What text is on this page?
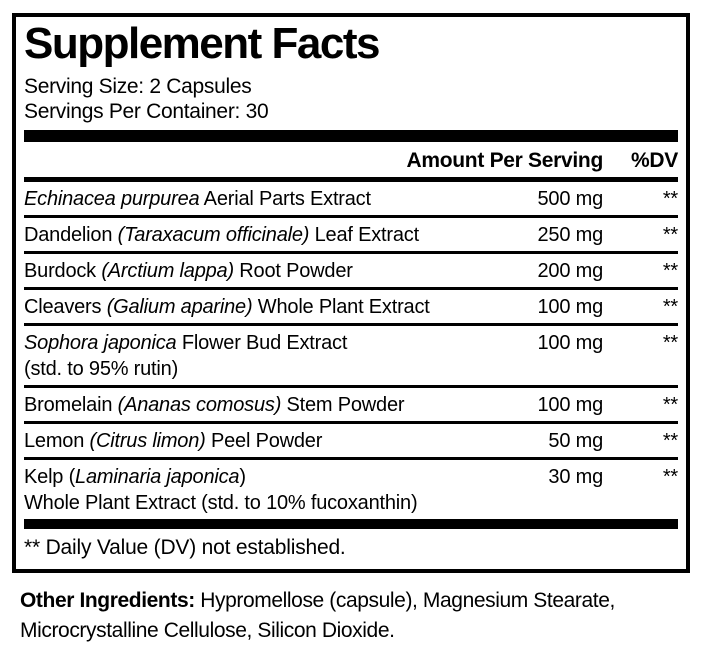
Supplement Facts
Serving Size: 2 Capsules
Servings Per Container: 30
Amount Per Serving	%DV
Echinacea purpurea Aerial Parts Extract	500 mg	**
Dandelion (Taraxacum officinale) Leaf Extract	250 mg	**
Burdock (Arctium lappa) Root Powder	200 mg	**
Cleavers (Galium aparine) Whole Plant Extract	100 mg	**
Sophora japonica Flower Bud Extract
(std. to 95% rutin)
100 mg	**
Bromelain (Ananas comosus) Stem Powder	100 mg	**
Lemon (Citrus limon) Peel Powder	50 mg	**
Kelp (Laminaria japonica)
Whole Plant Extract (std. to 10% fucoxanthin)
30 mg	**
** Daily Value (DV) not established.
Other Ingredients: Hypromellose (capsule), Magnesium Stearate, Microcrystalline Cellulose, Silicon Dioxide.
